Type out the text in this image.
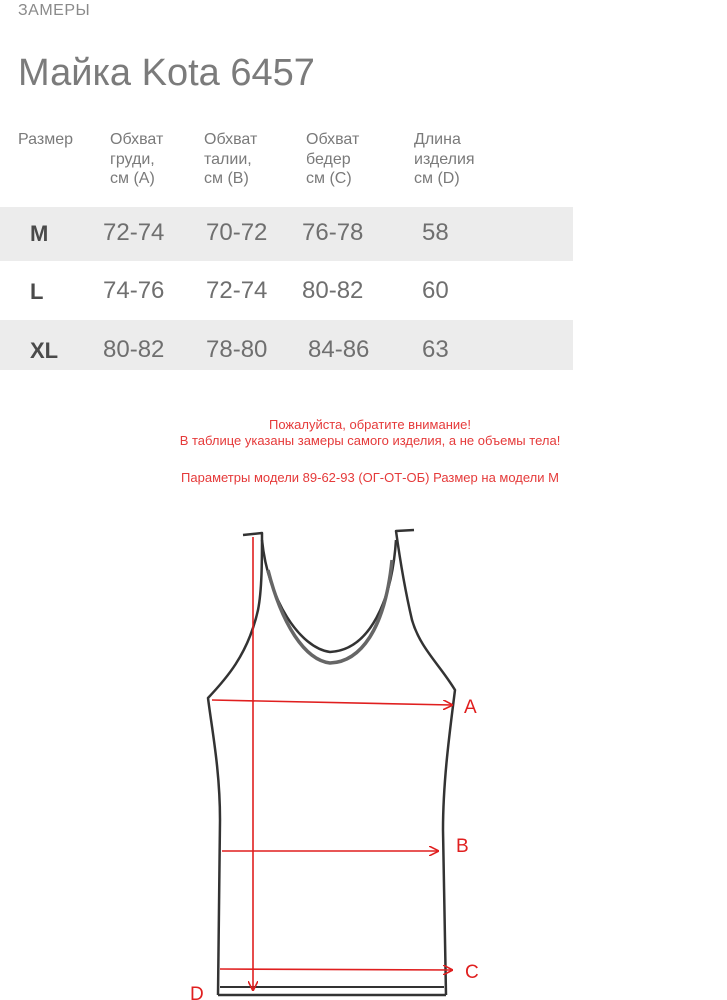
ЗАМЕРЫ
Майка Kota 6457
Размер Обхват
груди,
см (А)
Обхват
талии,
см (В)
Обхват
бедер
см (С)
Длина
изделия
см (D)
M 72-74 70-72 76-78 58
L 74-76 72-74 80-82 60
XL 80-82 78-80 84-86 63
Пожалуйста, обратите внимание!
В таблице указаны замеры самого изделия, а не объемы тела!
Параметры модели 89-62-93 (ОГ-ОТ-ОБ) Размер на модели М
A
B
C
D
